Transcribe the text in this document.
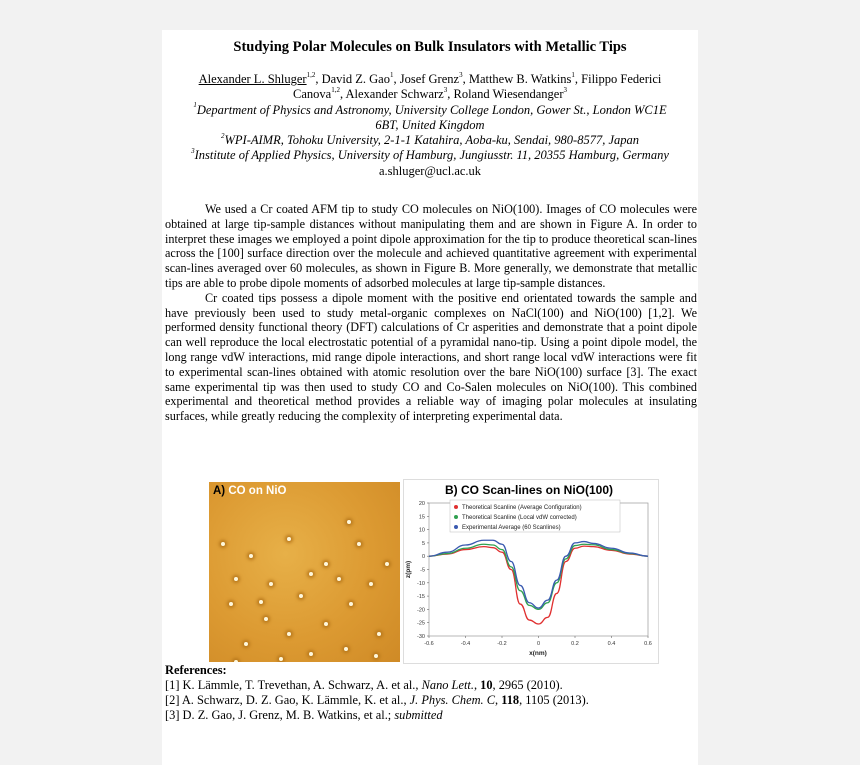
Studying Polar Molecules on Bulk Insulators with Metallic Tips
Alexander L. Shluger$^{1,2}$, David Z. Gao$^1$, Josef Grenz$^3$, Matthew B. Watkins$^1$, Filippo Federici
Canova$^{1,2}$, Alexander Schwarz$^3$, Roland Wiesendanger$^3$
$^1$Department of Physics and Astronomy, University College London, Gower St., London WC1E
6BT, United Kingdom
$^2$WPI-AIMR, Tohoku University, 2-1-1 Katahira, Aoba-ku, Sendai, 980-8577, Japan
$^3$Institute of Applied Physics, University of Hamburg, Jungiusstr. 11, 20355 Hamburg, Germany
a.shluger@ucl.ac.uk

We used a Cr coated AFM tip to study CO molecules on NiO(100). Images of CO molecules were obtained at large tip-sample distances without manipulating them and are shown in Figure A. In order to interpret these images we employed a point dipole approximation for the tip to produce theoretical scan-lines across the [100] surface direction over the molecule and achieved quantitative agreement with experimental scan-lines averaged over 60 molecules, as shown in Figure B. More generally, we demonstrate that metallic tips are able to probe dipole moments of adsorbed molecules at large tip-sample distances.

Cr coated tips possess a dipole moment with the positive end orientated towards the sample and have previously been used to study metal-organic complexes on NaCl(100) and NiO(100) [1,2]. We performed density functional theory (DFT) calculations of Cr asperities and demonstrate that a point dipole can well reproduce the local electrostatic potential of a pyramidal nano-tip. Using a point dipole model, the long range vdW interactions, mid range dipole interactions, and short range local vdW interactions were fit to experimental scan-lines obtained with atomic resolution over the bare NiO(100) surface [3]. The exact same experimental tip was then used to study CO and Co-Salen molecules on NiO(100). This combined experimental and theoretical method provides a reliable way of imaging polar molecules at insulating surfaces, while greatly reducing the complexity of interpreting experimental data.

A) CO on NiO	B) CO Scan-lines on NiO(100)
20
15
10
5
0
-5
-10
-15
-20
-25
-30
-0.6	-0.4	-0.2	0	0.2	0.4	0.6
x(nm)
z(pm)
Theoretical Scanline (Average Configuration)
Theoretical Scanline (Local vdW corrected)
Experimental Average (60 Scanlines)
References:
[1] K. Lämmle, T. Trevethan, A. Schwarz, A. et al., Nano Lett., 10, 2965 (2010).
[2] A. Schwarz, D. Z. Gao, K. Lämmle, K. et al., J. Phys. Chem. C, 118, 1105 (2013).
[3] D. Z. Gao, J. Grenz, M. B. Watkins, et al.; submitted
